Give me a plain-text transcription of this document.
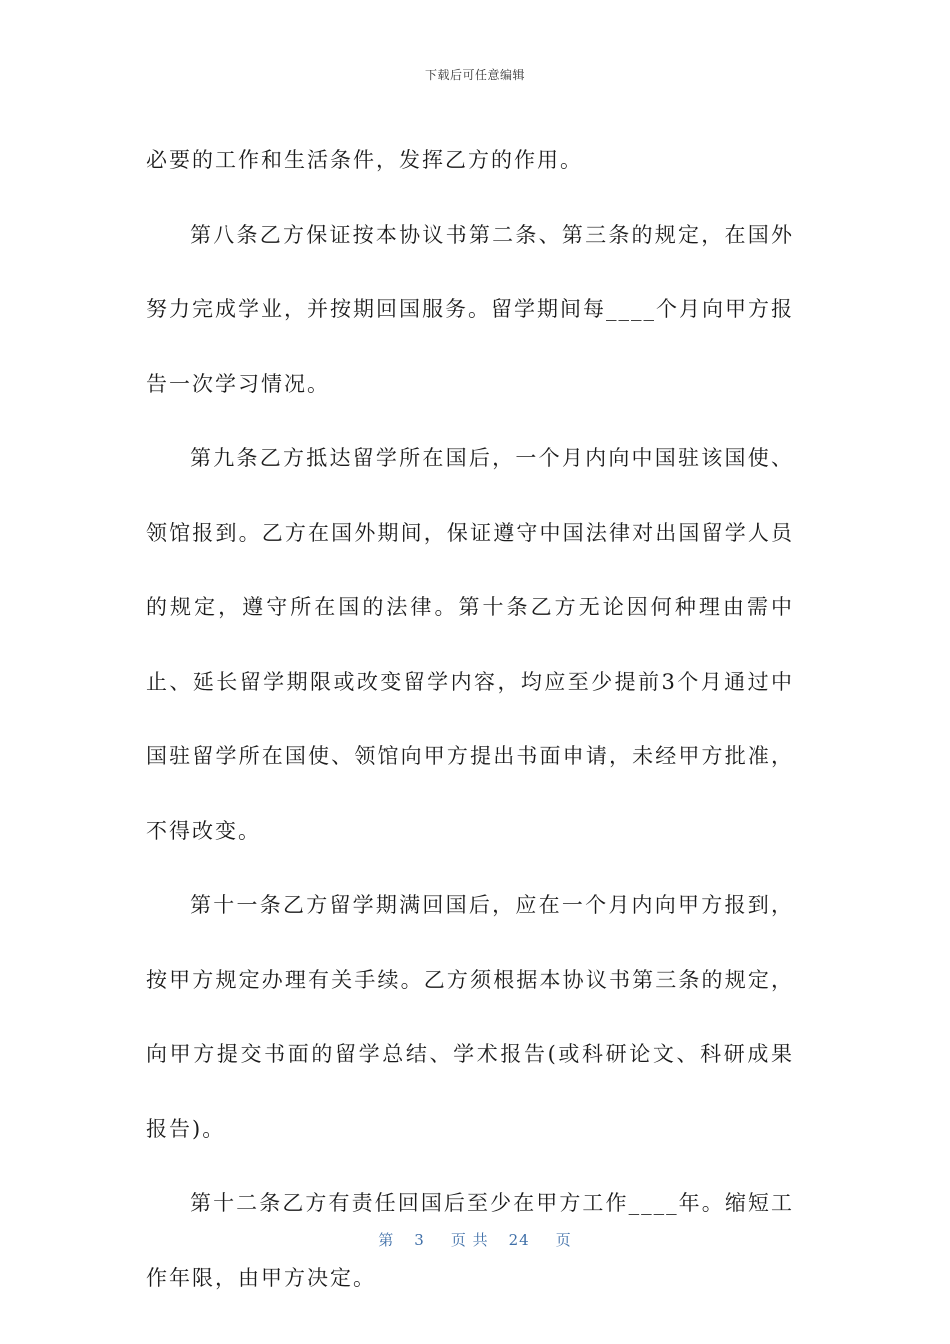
下载后可任意编辑

必要的工作和生活条件，发挥乙方的作用。

第八条乙方保证按本协议书第二条、第三条的规定，在国外努力完成学业，并按期回国服务。留学期间每____个月向甲方报告一次学习情况。

第九条乙方抵达留学所在国后，一个月内向中国驻该国使、领馆报到。乙方在国外期间，保证遵守中国法律对出国留学人员的规定，遵守所在国的法律。第十条乙方无论因何种理由需中止、延长留学期限或改变留学内容，均应至少提前3个月通过中国驻留学所在国使、领馆向甲方提出书面申请，未经甲方批准，不得改变。

第十一条乙方留学期满回国后，应在一个月内向甲方报到，按甲方规定办理有关手续。乙方须根据本协议书第三条的规定，向甲方提交书面的留学总结、学术报告(或科研论文、科研成果报告)。

第十二条乙方有责任回国后至少在甲方工作____年。缩短工作年限，由甲方决定。

第 3 页 共 24 页
